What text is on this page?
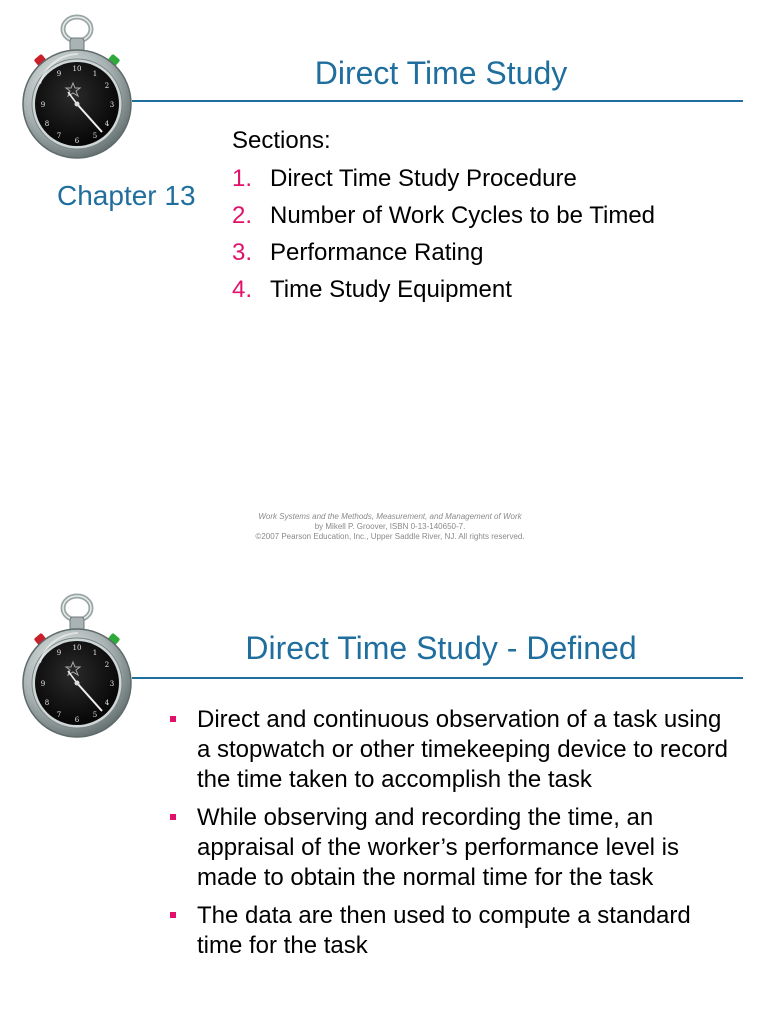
Direct Time Study
Chapter 13
Sections:
1. Direct Time Study Procedure
2. Number of Work Cycles to be Timed
3. Performance Rating
4. Time Study Equipment
Work Systems and the Methods, Measurement, and Management of Work
by Mikell P. Groover, ISBN 0-13-140650-7.
©2007 Pearson Education, Inc., Upper Saddle River, NJ. All rights reserved.
Direct Time Study - Defined
Direct and continuous observation of a task using a stopwatch or other timekeeping device to record the time taken to accomplish the task
While observing and recording the time, an appraisal of the worker’s performance level is made to obtain the normal time for the task
The data are then used to compute a standard time for the task
